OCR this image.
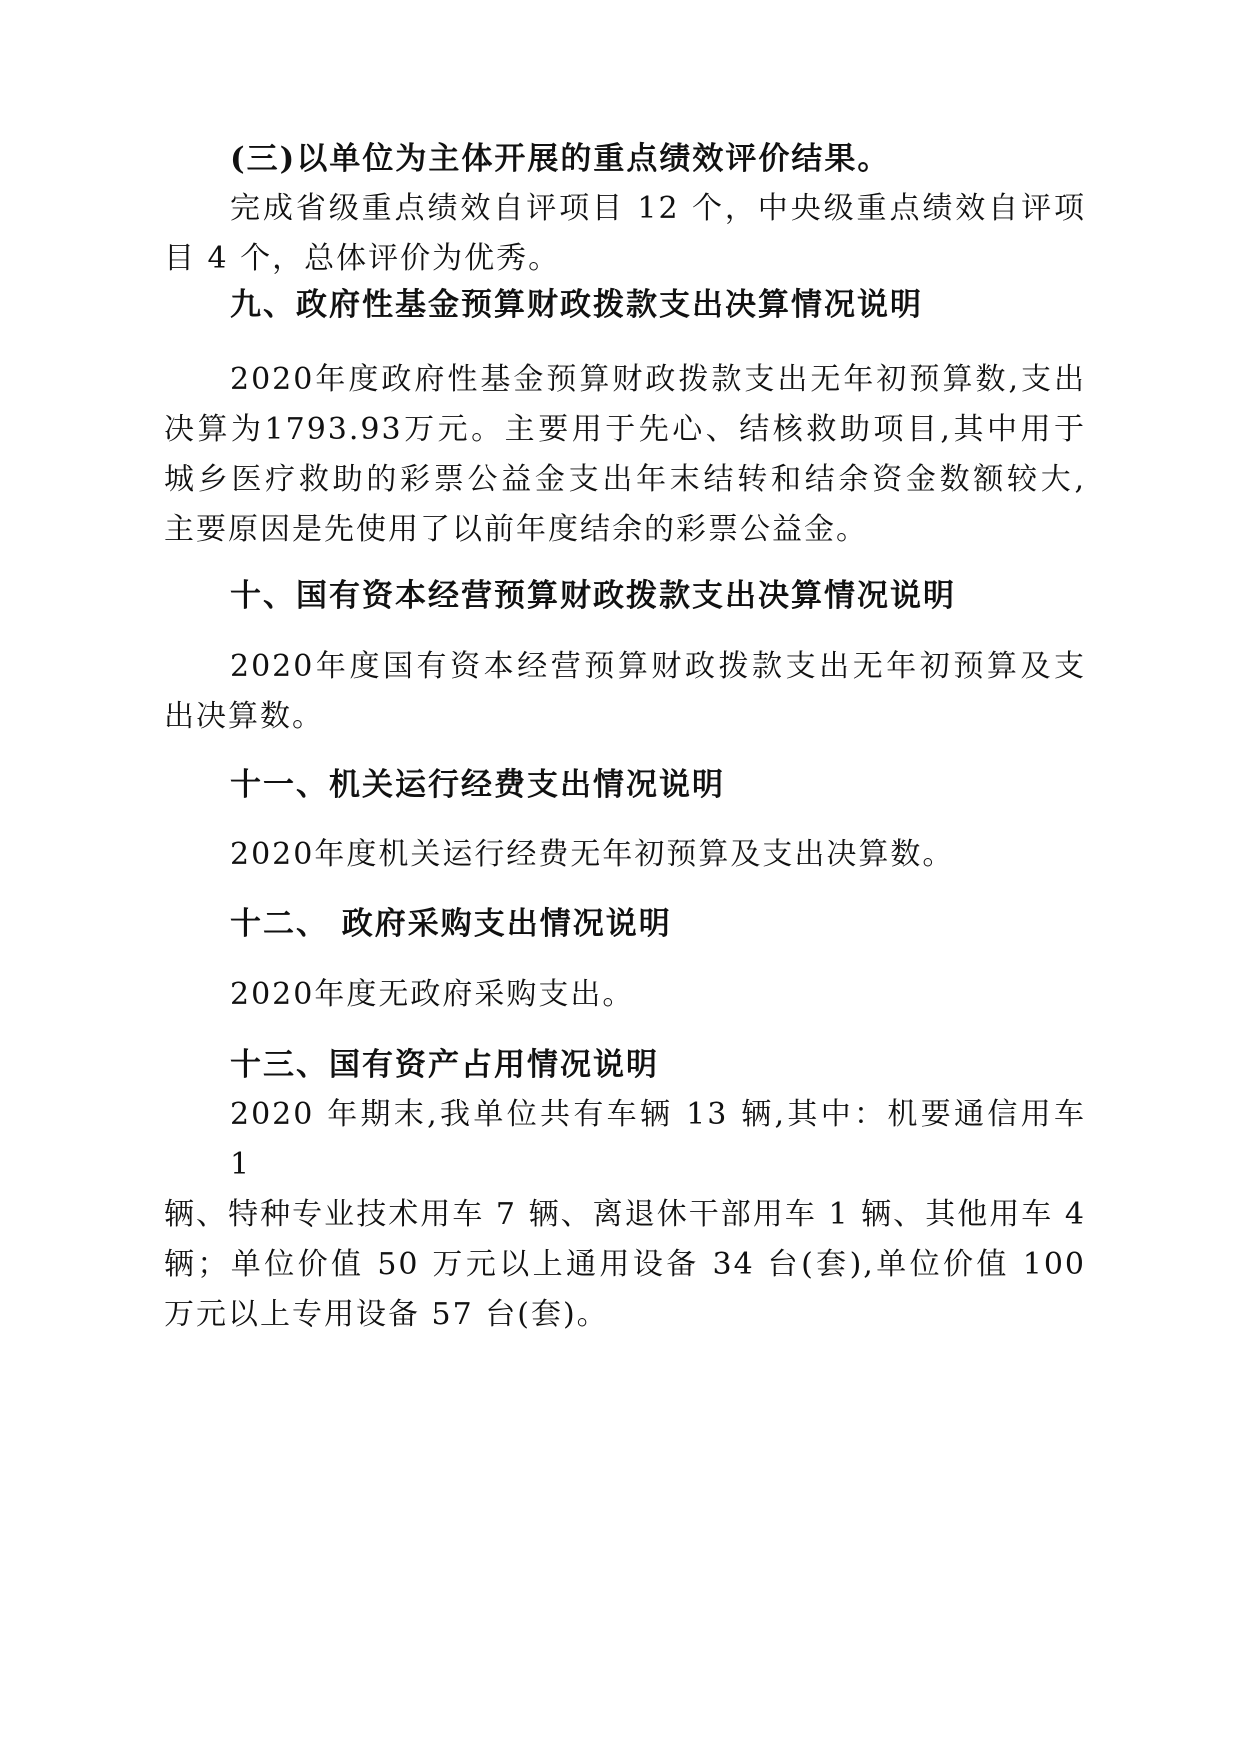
(三)以单位为主体开展的重点绩效评价结果。
完成省级重点绩效自评项目 12 个，中央级重点绩效自评项
目 4 个，总体评价为优秀。
九、政府性基金预算财政拨款支出决算情况说明
2020年度政府性基金预算财政拨款支出无年初预算数,支出
决算为1793.93万元。主要用于先心、结核救助项目,其中用于
城乡医疗救助的彩票公益金支出年末结转和结余资金数额较大,
主要原因是先使用了以前年度结余的彩票公益金。
十、国有资本经营预算财政拨款支出决算情况说明
2020年度国有资本经营预算财政拨款支出无年初预算及支
出决算数。
十一、机关运行经费支出情况说明
2020年度机关运行经费无年初预算及支出决算数。
十二、 政府采购支出情况说明
2020年度无政府采购支出。
十三、国有资产占用情况说明
2020 年期末,我单位共有车辆 13 辆,其中：机要通信用车 1
辆、特种专业技术用车 7 辆、离退休干部用车 1 辆、其他用车 4
辆；单位价值 50 万元以上通用设备 34 台(套),单位价值 100
万元以上专用设备 57 台(套)。
